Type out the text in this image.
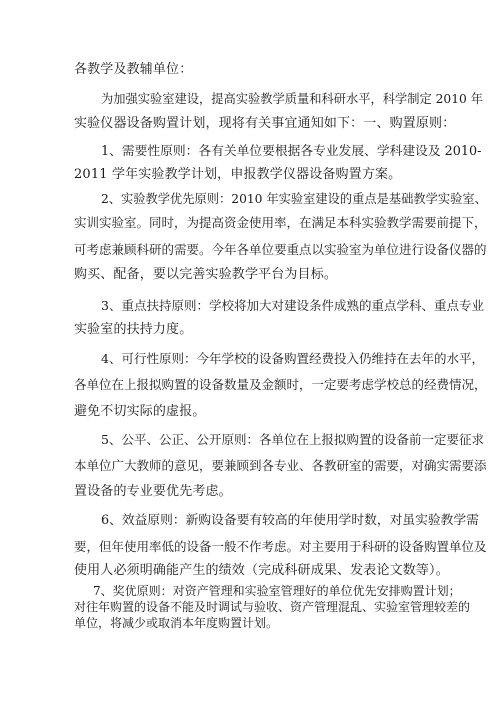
各教学及教辅单位：
为加强实验室建设，提高实验教学质量和科研水平，科学制定 2010 年
实验仪器设备购置计划，现将有关事宜通知如下：一、购置原则：
1、需要性原则：各有关单位要根据各专业发展、学科建设及 2010-
2011 学年实验教学计划，申报教学仪器设备购置方案。
2、实验教学优先原则：2010 年实验室建设的重点是基础教学实验室、
实训实验室。同时，为提高资金使用率，在满足本科实验教学需要前提下，
可考虑兼顾科研的需要。今年各单位要重点以实验室为单位进行设备仪器的
购买、配备，要以完善实验教学平台为目标。
3、重点扶持原则：学校将加大对建设条件成熟的重点学科、重点专业
实验室的扶持力度。
4、可行性原则：今年学校的设备购置经费投入仍维持在去年的水平，
各单位在上报拟购置的设备数量及金额时，一定要考虑学校总的经费情况，
避免不切实际的虚报。
5、公平、公正、公开原则：各单位在上报拟购置的设备前一定要征求
本单位广大教师的意见，要兼顾到各专业、各教研室的需要，对确实需要添
置设备的专业要优先考虑。
6、效益原则：新购设备要有较高的年使用学时数，对虽实验教学需
要，但年使用率低的设备一般不作考虑。对主要用于科研的设备购置单位及
使用人必须明确能产生的绩效（完成科研成果、发表论文数等）。
7、奖优原则：对资产管理和实验室管理好的单位优先安排购置计划；
对往年购置的设备不能及时调试与验收、资产管理混乱、实验室管理较差的
单位，将减少或取消本年度购置计划。
